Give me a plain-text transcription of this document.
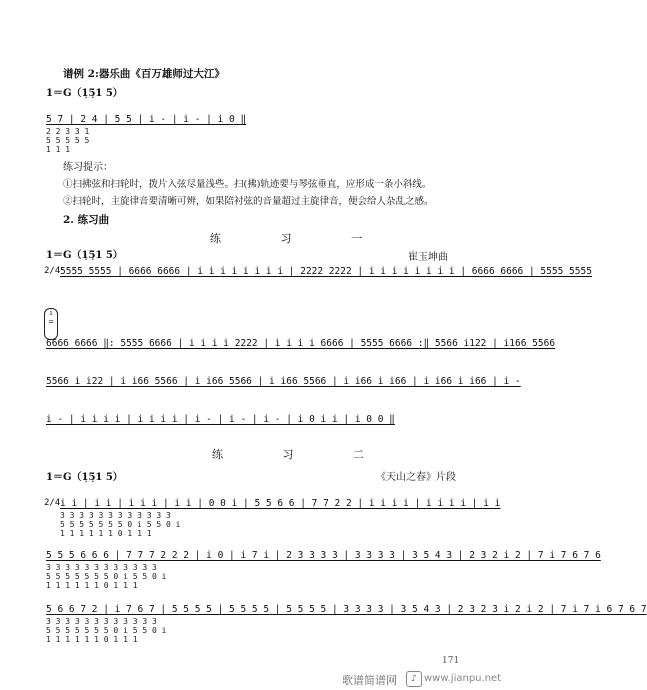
谱例 2:器乐曲《百万雄师过大江》
1＝G（1̣5̣1 5）
5 7 | 2 4 | 5 5 | i - | i - | i 0 ‖
2 2 3 3 1
5 5 5 5 5
1 1 1
练习提示：
①扫拂弦和扫轮时，拨片入弦尽量浅些。扫(拂)轨迹要与琴弦垂直，应形成一条小斜线。
②扫轮时，主旋律音要清晰可辨，如果陪衬弦的音量超过主旋律音，便会给人杂乱之感。
2. 练习曲
练 习 一
1＝G（1̣5̣1 5）	崔玉坤曲
2/4 5555 5555 | 6666 6666 | i i i i i i i i | 2222 2222 | i i i i i i i i | 6666 6666 | 5555 5555
i
=
6666 6666 ‖: 5555 6666 | i i i i 2222 | i i i i 6666 | 5555 6666 :‖ 5566 i122 | i166 5566
5566 i i22 | i i66 5566 | i i66 5566 | i i66 5566 | i i66 i i66 | i i66 i i66 | i -
i - | i i i i | i i i i | i - | i - | i - | i 0 i i | i 0 0 ‖
练 习 二
1＝G（1̣5̣1 5）	《天山之春》片段
2/4 i i | i i | i i i | i i | 0 0 i | 5 5 6 6 | 7 7 2 2 | i i i i | i i i i | i i
3 3 3 3 3 3 3 3 3 3 3 3
5 5 5 5 5 5 5 0 i 5 5 0 i
1 1 1 1 1 1 0 1 1 1
5 5 5 6 6 6 | 7 7 7 2 2 2 | i 0 | i 7 i | 2 3 3 3 3 | 3 3 3 3 | 3 5 4 3 | 2 3 2 i 2 | 7 i 7 6 7 6
3 3 3 3 3 3 3 3 3 3 3 3
5 5 5 5 5 5 5 0 i 5 5 0 i
1 1 1 1 1 1 0 1 1 1
5 6 6 7 2 | i 7 6 7 | 5 5 5 5 | 5 5 5 5 | 5 5 5 5 | 3 3 3 3 | 3 5 4 3 | 2 3 2 3 i 2 i 2 | 7 i 7 i 6 7 6 7
3 3 3 3 3 3 3 3 3 3 3 3
5 5 5 5 5 5 5 0 i 5 5 0 i
1 1 1 1 1 1 0 1 1 1
171
歌谱简谱网	♪ www.jianpu.net
